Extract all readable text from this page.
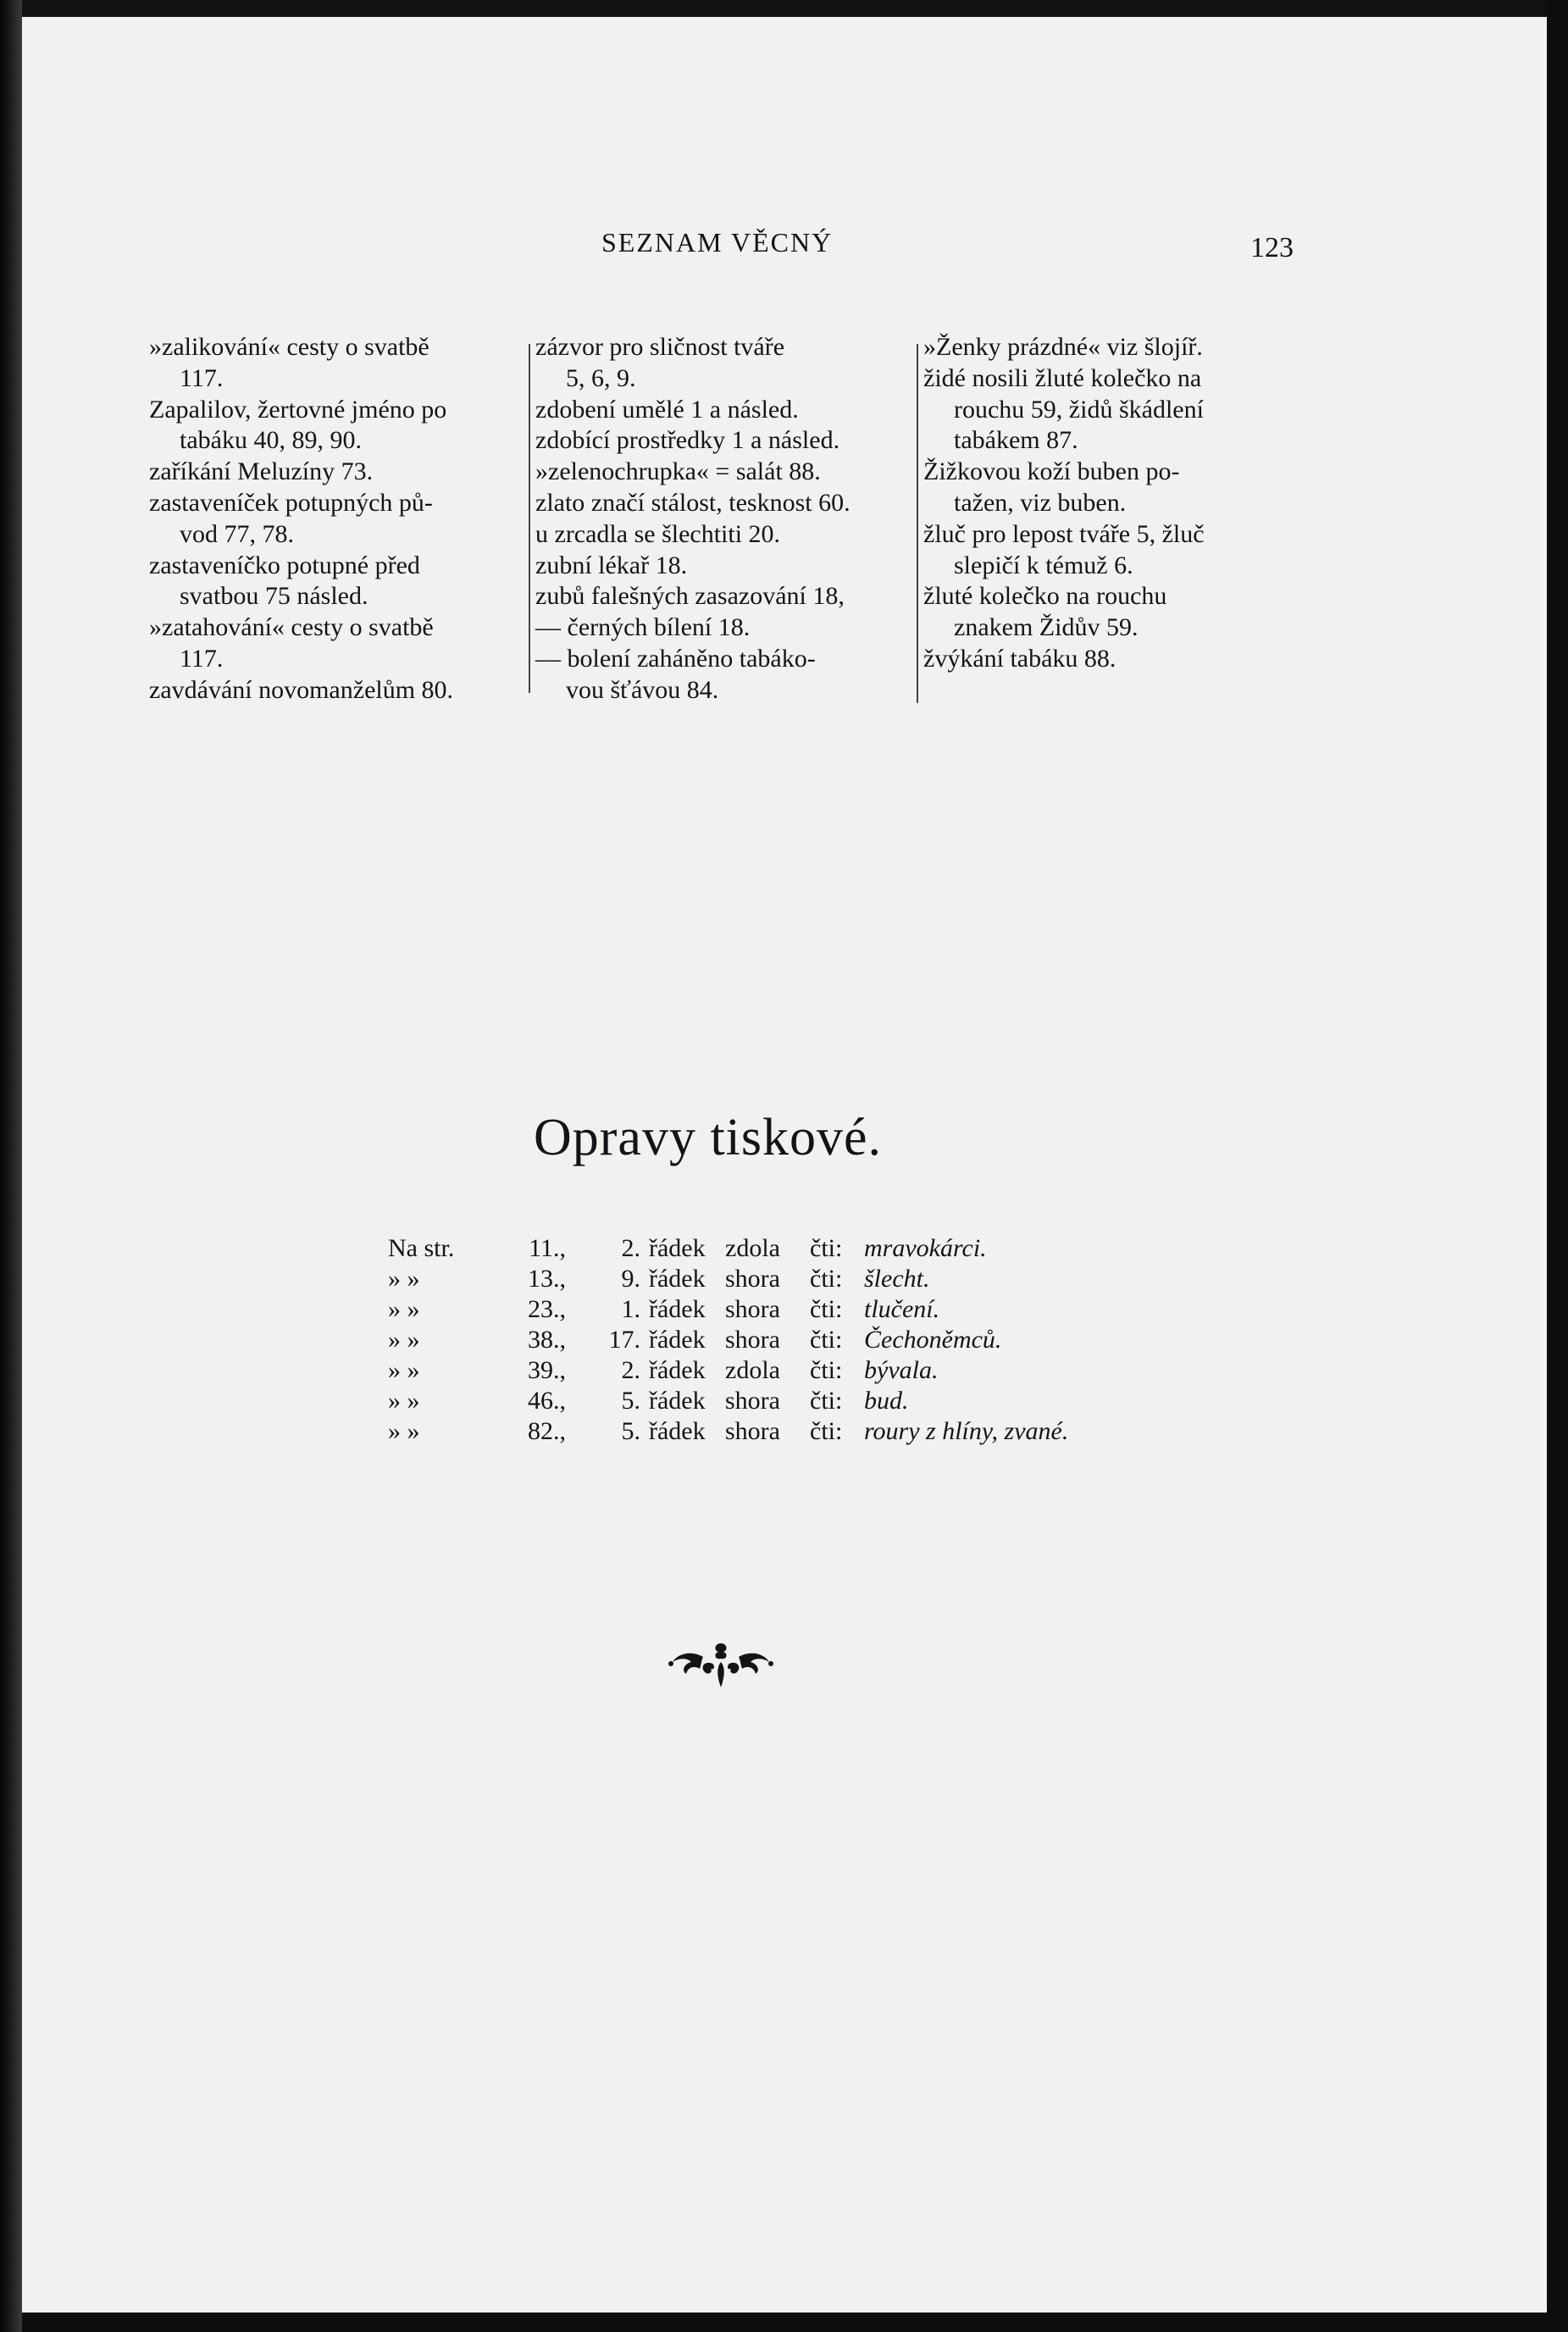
SEZNAM VĚCNÝ	123

»zalikování« cesty o svatbě

117.

Zapalilov, žertovné jméno po

tabáku 40, 89, 90.

zaříkání Meluzíny 73.

zastaveníček potupných pů-

vod 77, 78.

zastaveníčko potupné před

svatbou 75 násled.

»zatahování« cesty o svatbě

117.

zavdávání novomanželům 80.

zázvor pro sličnost tváře

5, 6, 9.

zdobení umělé 1 a násled.

zdobící prostředky 1 a násled.

»zelenochrupka« = salát 88.

zlato značí stálost, tesknost 60.

u zrcadla se šlechtiti 20.

zubní lékař 18.

zubů falešných zasazování 18,

— černých bílení 18.

— bolení zaháněno tabáko-

vou šťávou 84.

»Ženky prázdné« viz šlojíř.

židé nosili žluté kolečko na

rouchu 59, židů škádlení

tabákem 87.

Žižkovou koží buben po-

tažen, viz buben.

žluč pro lepost tváře 5, žluč

slepičí k témuž 6.

žluté kolečko na rouchu

znakem Židův 59.

žvýkání tabáku 88.

Opravy tiskové.
Na str.	11.,	2.	řádek	zdola	čti:	mravokárci.
» »	13.,	9.	řádek	shora	čti:	šlecht.
» »	23.,	1.	řádek	shora	čti:	tlučení.
» »	38.,	17.	řádek	shora	čti:	Čechoněmců.
» »	39.,	2.	řádek	zdola	čti:	bývala.
» »	46.,	5.	řádek	shora	čti:	bud.
» »	82.,	5.	řádek	shora	čti:	roury z hlíny, zvané.
